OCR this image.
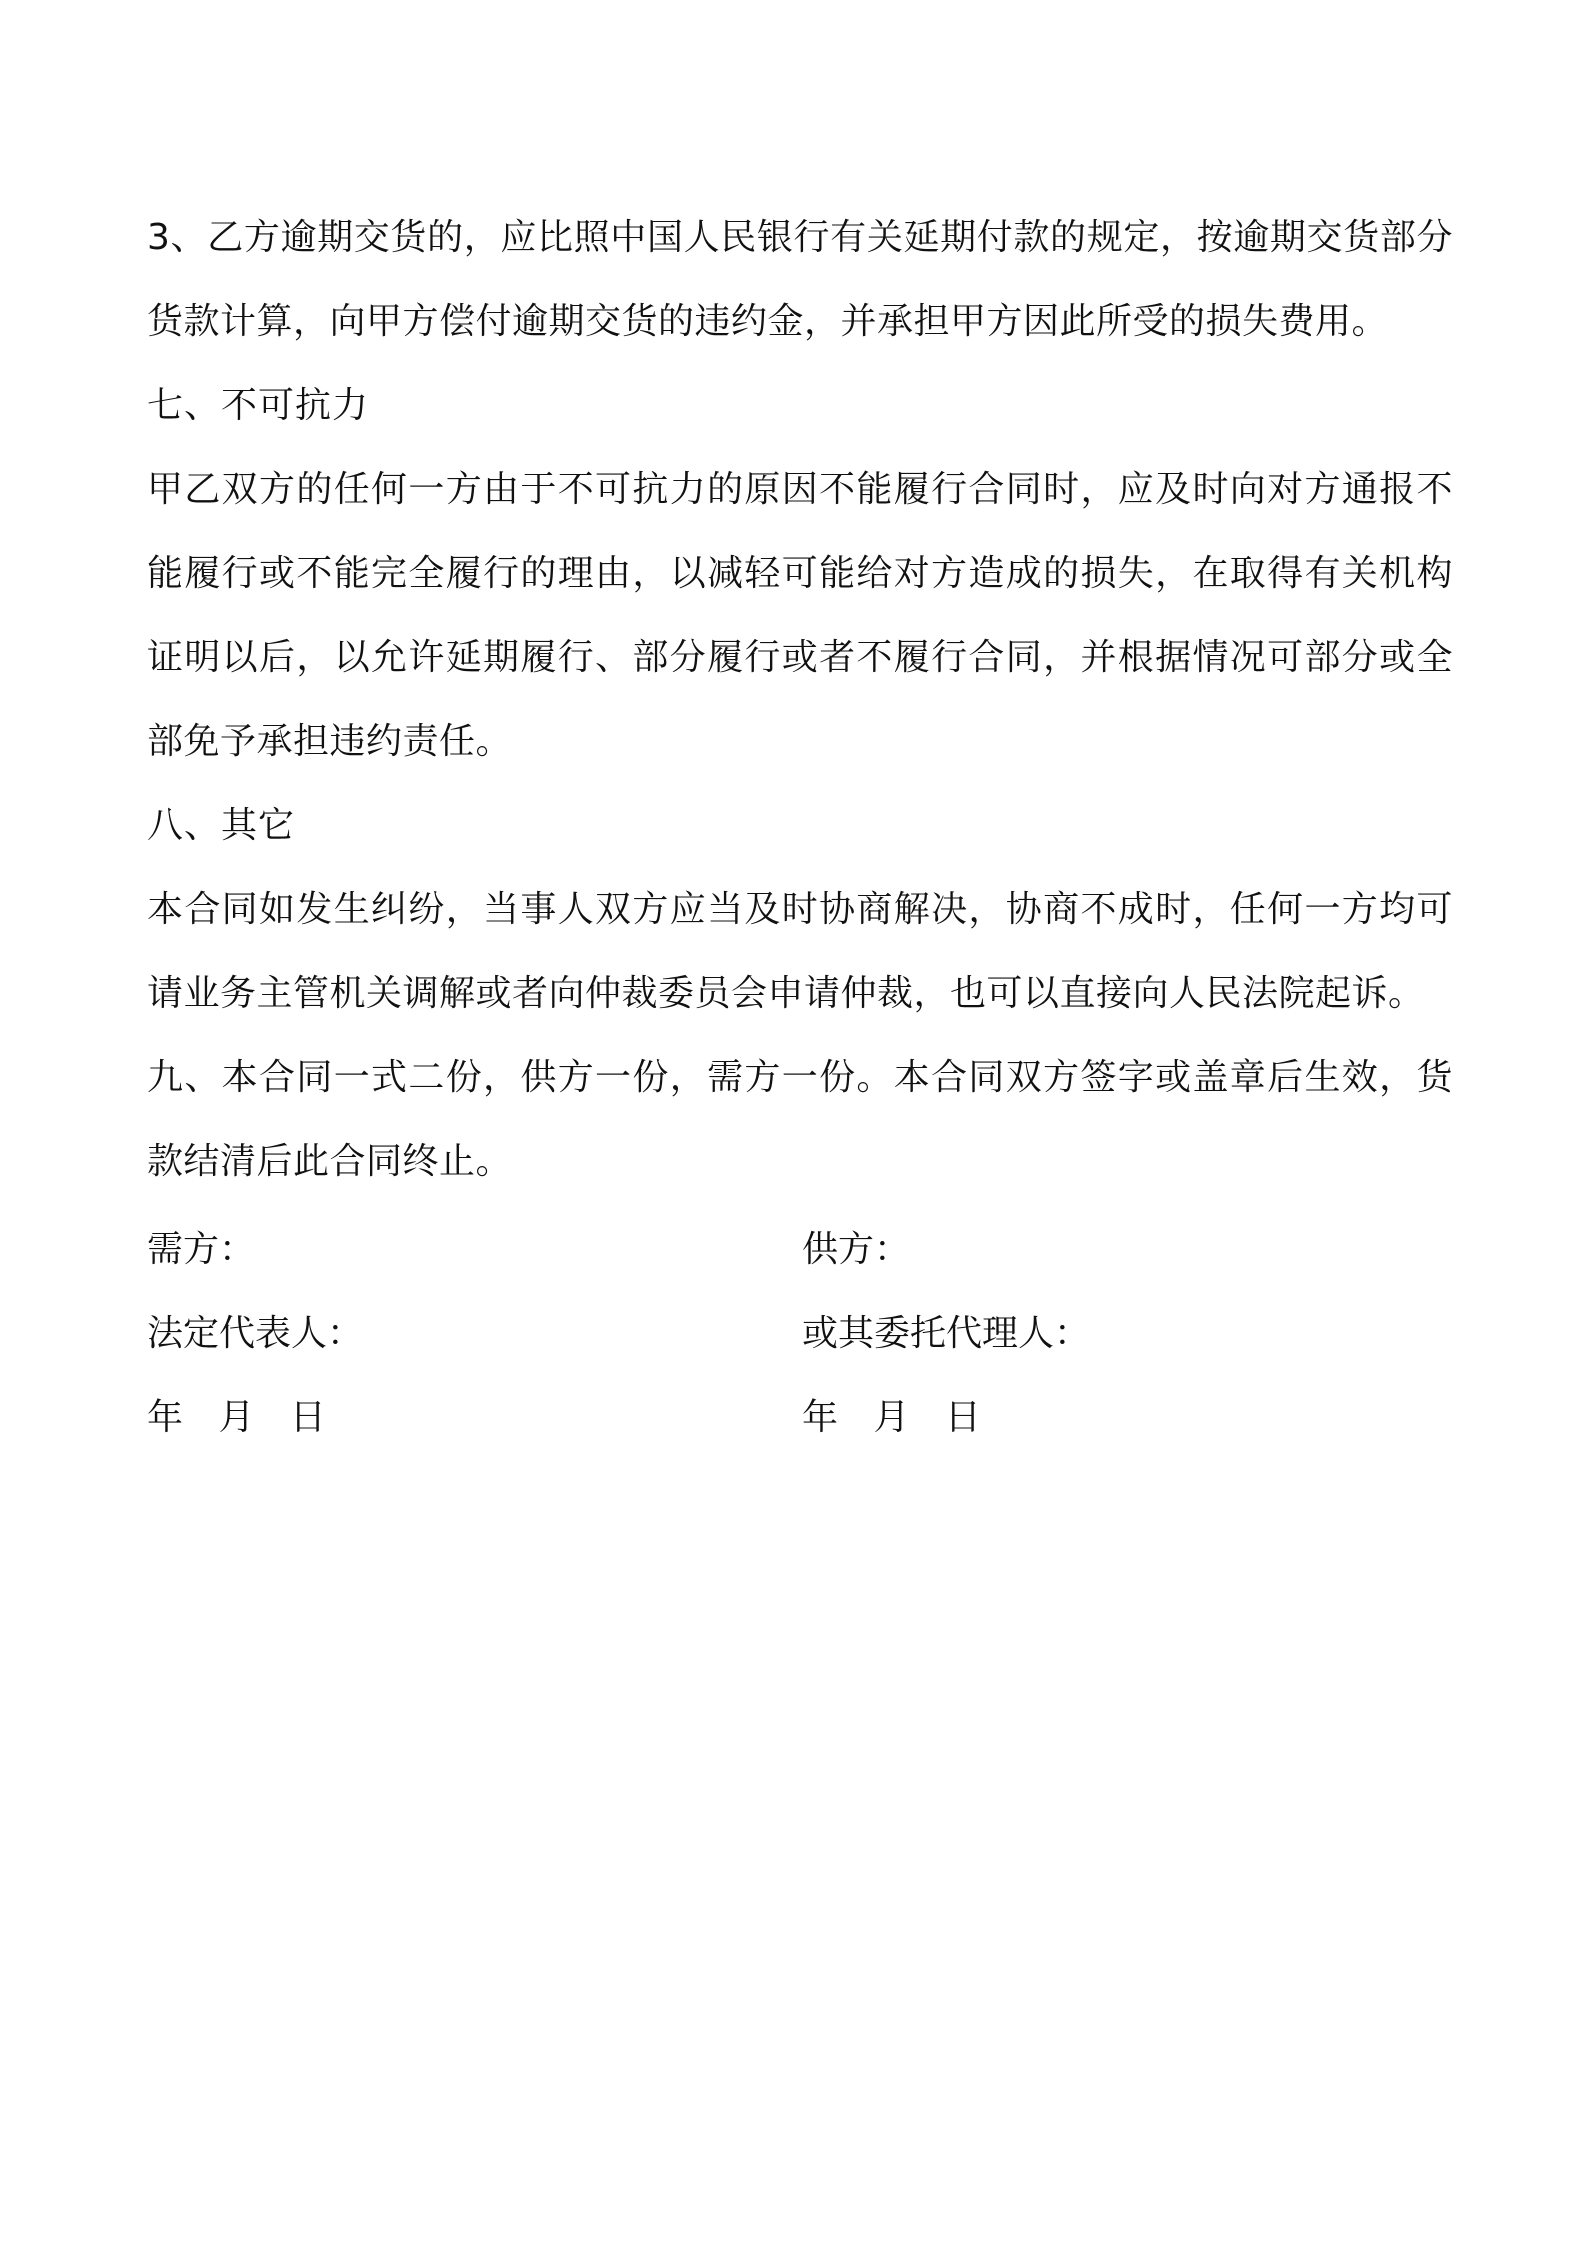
3、乙方逾期交货的，应比照中国人民银行有关延期付款的规定，按逾期交货部分货款计算，向甲方偿付逾期交货的违约金，并承担甲方因此所受的损失费用。

七、不可抗力

甲乙双方的任何一方由于不可抗力的原因不能履行合同时，应及时向对方通报不能履行或不能完全履行的理由，以减轻可能给对方造成的损失，在取得有关机构证明以后，以允许延期履行、部分履行或者不履行合同，并根据情况可部分或全部免予承担违约责任。

八、其它

本合同如发生纠纷，当事人双方应当及时协商解决，协商不成时，任何一方均可请业务主管机关调解或者向仲裁委员会申请仲裁，也可以直接向人民法院起诉。

九、本合同一式二份，供方一份，需方一份。本合同双方签字或盖章后生效，货款结清后此合同终止。

需方：	供方：
法定代表人：	或其委托代理人：
年 月 日	年 月 日
